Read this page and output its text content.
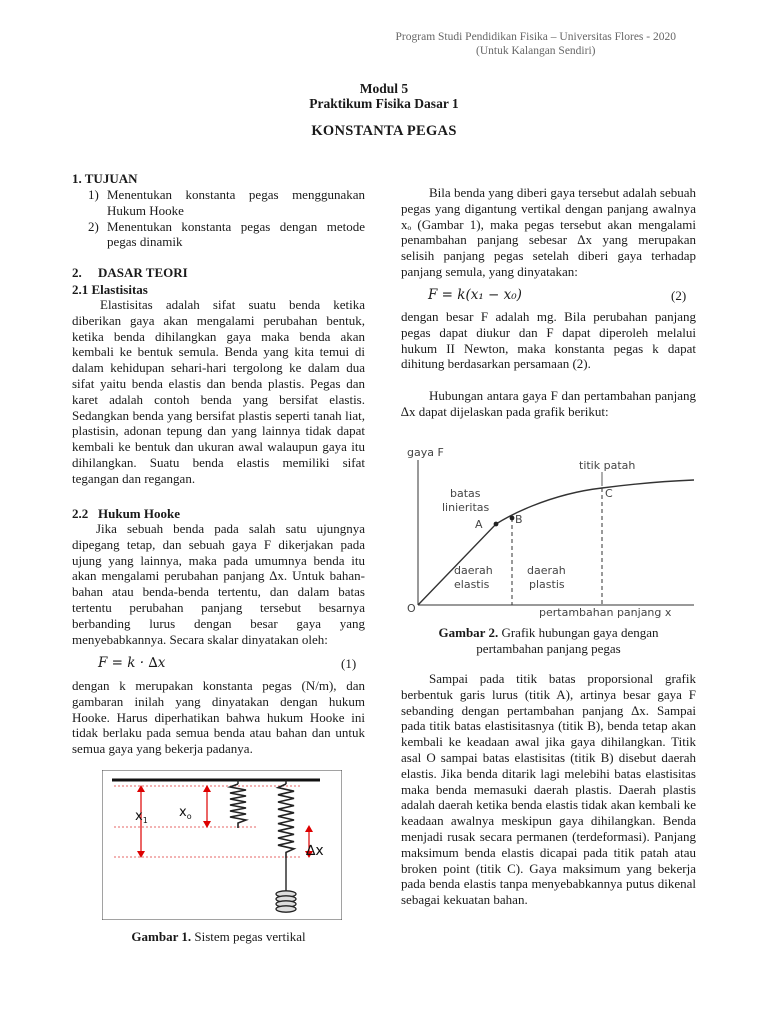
Program Studi Pendidikan Fisika – Universitas Flores - 2020
(Untuk Kalangan Sendiri)
Modul 5
Praktikum Fisika Dasar 1
KONSTANTA PEGAS
1. TUJUAN
1) Menentukan konstanta pegas menggunakan
Hukum Hooke
2) Menentukan konstanta pegas dengan metode
pegas dinamik
2.     DASAR TEORI
2.1 Elastisitas
Elastisitas adalah sifat suatu benda ketika diberikan gaya akan mengalami perubahan bentuk, ketika benda dihilangkan gaya maka benda akan kembali ke bentuk semula. Benda yang kita temui di dalam kehidupan sehari-hari tergolong ke dalam dua sifat yaitu benda elastis dan benda plastis. Pegas dan karet adalah contoh benda yang bersifat elastis. Sedangkan benda yang bersifat plastis seperti tanah liat, plastisin, adonan tepung dan yang lainnya tidak dapat kembali ke bentuk dan ukuran awal walaupun gaya itu dihilangkan. Suatu benda elastis memiliki sifat tegangan dan regangan.
2.2   Hukum Hooke
Jika sebuah benda pada salah satu ujungnya dipegang tetap, dan sebuah gaya F dikerjakan pada ujung yang lainnya, maka pada umumnya benda itu akan mengalami perubahan panjang ∆x. Untuk bahan-bahan atau benda-benda tertentu, dan dalam batas tertentu perubahan panjang tersebut besarnya berbanding lurus dengan besar gaya yang menyebabkannya. Secara skalar dinyatakan oleh:
F = k · ∆x	(1)
dengan k merupakan konstanta pegas (N/m), dan gambaran inilah yang dinyatakan dengan hukum Hooke. Harus diperhatikan bahwa hukum Hooke ini tidak berlaku pada semua benda atau bahan dan untuk semua gaya yang bekerja padanya.
$x_1$
$x_o$
∆x
Gambar 1. Sistem pegas vertikal
Bila benda yang diberi gaya tersebut adalah sebuah pegas yang digantung vertikal dengan panjang awalnya xₒ (Gambar 1), maka pegas tersebut akan mengalami penambahan panjang sebesar ∆x yang merupakan selisih panjang pegas setelah diberi gaya terhadap panjang semula, yang dinyatakan:
F = k(x₁ − x₀)	(2)
dengan besar F adalah mg. Bila perubahan panjang pegas dapat diukur dan F dapat diperoleh melalui hukum II Newton, maka konstanta pegas k dapat dihitung berdasarkan persamaan (2).
Hubungan antara gaya F dan pertambahan panjang ∆x dapat dijelaskan pada grafik berikut:
gaya F
O
A	B
C
batas
linieritas
titik patah
daerah
elastis
daerah
plastis
pertambahan panjang x
Gambar 2. Grafik hubungan gaya dengan
pertambahan panjang pegas
Sampai pada titik batas proporsional grafik berbentuk garis lurus (titik A), artinya besar gaya F sebanding dengan pertambahan panjang ∆x. Sampai pada titik batas elastisitasnya (titik B), benda tetap akan kembali ke keadaan awal jika gaya dihilangkan. Titik asal O sampai batas elastisitas (titik B) disebut daerah elastis. Jika benda ditarik lagi melebihi batas elastisitas maka benda memasuki daerah plastis. Daerah plastis adalah daerah ketika benda elastis tidak akan kembali ke keadaan awalnya meskipun gaya dihilangkan. Benda menjadi rusak secara permanen (terdeformasi). Panjang maksimum benda elastis dicapai pada titik patah atau broken point (titik C). Gaya maksimum yang bekerja pada benda elastis tanpa menyebabkannya putus dikenal sebagai kekuatan bahan.
